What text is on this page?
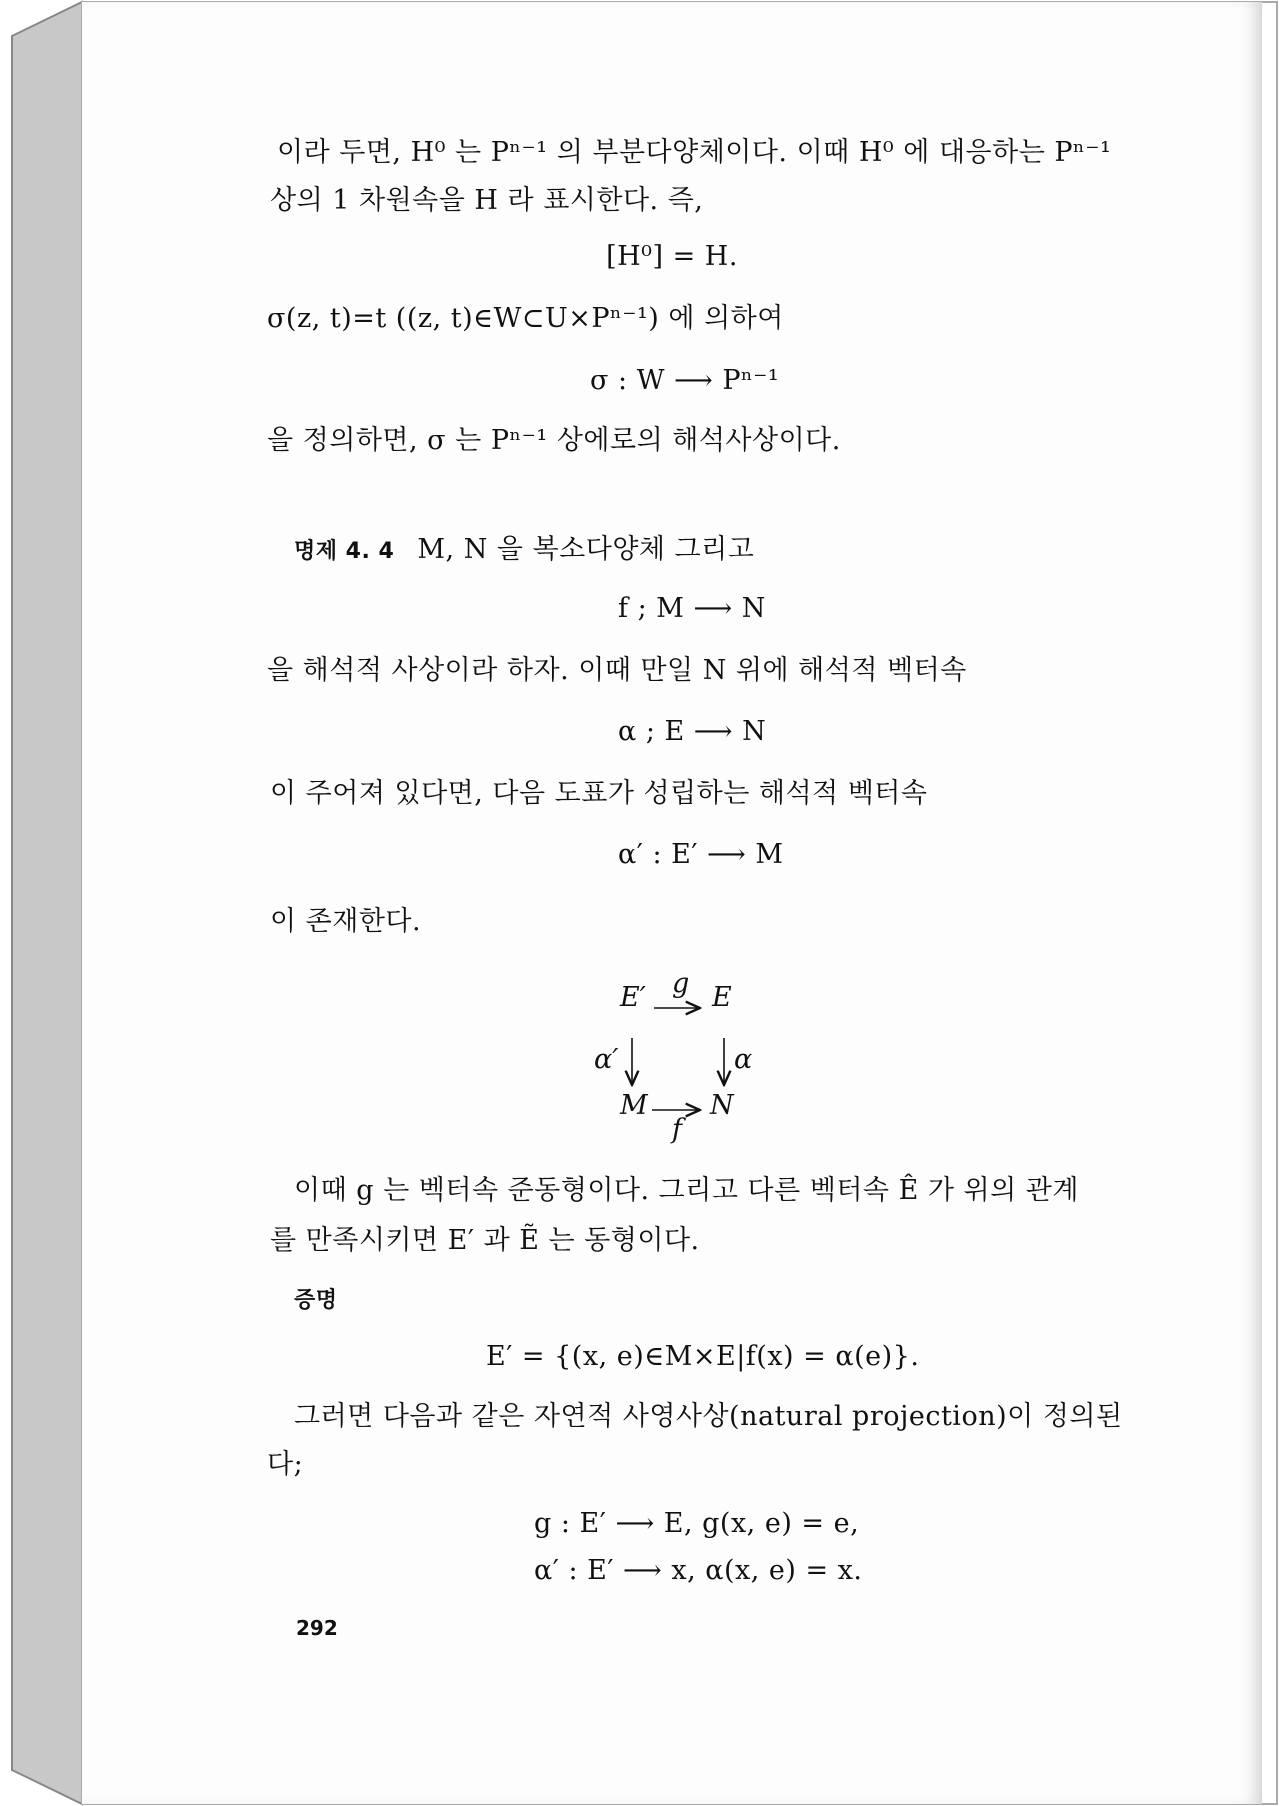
이라 두면, H⁰ 는 Pⁿ⁻¹ 의 부분다양체이다. 이때 H⁰ 에 대응하는 Pⁿ⁻¹
상의 1 차원속을 H 라 표시한다. 즉,
[H⁰] = H.
σ(z, t)=t ((z, t)∈W⊂U×Pⁿ⁻¹) 에 의하여
σ : W ⟶ Pⁿ⁻¹
을 정의하면, σ 는 Pⁿ⁻¹ 상에로의 해석사상이다.
명제 4. 4 M, N 을 복소다양체 그리고
f ; M ⟶ N
을 해석적 사상이라 하자. 이때 만일 N 위에 해석적 벡터속
α ; E ⟶ N
이 주어져 있다면, 다음 도표가 성립하는 해석적 벡터속
α′ : E′ ⟶ M
이 존재한다.
E′ g E
α′	α
M N
f
이때 g 는 벡터속 준동형이다. 그리고 다른 벡터속 Ê 가 위의 관계
를 만족시키면 E′ 과 Ẽ 는 동형이다.
증명
E′ = {(x, e)∈M×E|f(x) = α(e)}.
그러면 다음과 같은 자연적 사영사상(natural projection)이 정의된
다;
g : E′ ⟶ E, g(x, e) = e,
α′ : E′ ⟶ x, α(x, e) = x.
292
